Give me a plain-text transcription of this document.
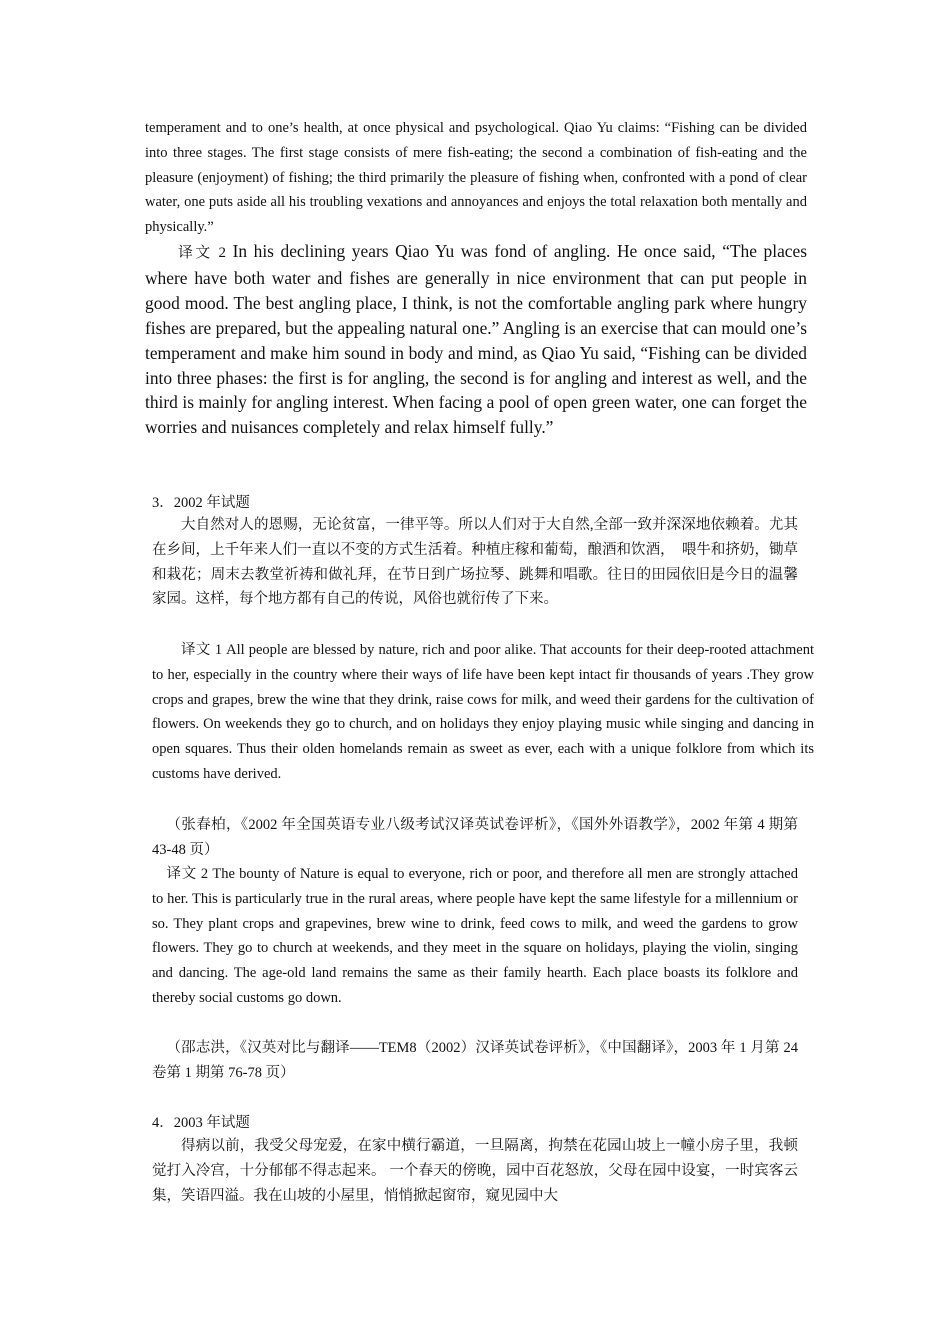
temperament and to one’s health, at once physical and psychological. Qiao Yu claims: “Fishing can be divided into three stages. The first stage consists of mere fish-eating; the second a combination of fish-eating and the pleasure (enjoyment) of fishing; the third primarily the pleasure of fishing when, confronted with a pond of clear water, one puts aside all his troubling vexations and annoyances and enjoys the total relaxation both mentally and physically.”

译文 2 In his declining years Qiao Yu was fond of angling. He once said, “The places where have both water and fishes are generally in nice environment that can put people in good mood. The best angling place, I think, is not the comfortable angling park where hungry fishes are prepared, but the appealing natural one.” Angling is an exercise that can mould one’s temperament and make him sound in body and mind, as Qiao Yu said, “Fishing can be divided into three phases: the first is for angling, the second is for angling and interest as well, and the third is mainly for angling interest. When facing a pool of open green water, one can forget the worries and nuisances completely and relax himself fully.”

3．2002 年试题

大自然对人的恩赐，无论贫富，一律平等。所以人们对于大自然,全部一致并深深地依赖着。尤其在乡间，上千年来人们一直以不变的方式生活着。种植庄稼和葡萄，酿酒和饮酒，　喂牛和挤奶，锄草和栽花；周末去教堂祈祷和做礼拜，在节日到广场拉琴、跳舞和唱歌。往日的田园依旧是今日的温馨家园。这样，每个地方都有自己的传说，风俗也就衍传了下来。

译文 1 All people are blessed by nature, rich and poor alike. That accounts for their deep-rooted attachment to her, especially in the country where their ways of life have been kept intact fir thousands of years .They grow crops and grapes, brew the wine that they drink, raise cows for milk, and weed their gardens for the cultivation of flowers. On weekends they go to church, and on holidays they enjoy playing music while singing and dancing in open squares. Thus their olden homelands remain as sweet as ever, each with a unique folklore from which its customs have derived.

（张春柏，《2002 年全国英语专业八级考试汉译英试卷评析》，《国外外语教学》，2002 年第 4 期第 43-48 页）

译文 2 The bounty of Nature is equal to everyone, rich or poor, and therefore all men are strongly attached to her. This is particularly true in the rural areas, where people have kept the same lifestyle for a millennium or so. They plant crops and grapevines, brew wine to drink, feed cows to milk, and weed the gardens to grow flowers. They go to church at weekends, and they meet in the square on holidays, playing the violin, singing and dancing. The age-old land remains the same as their family hearth. Each place boasts its folklore and thereby social customs go down.

（邵志洪，《汉英对比与翻译——TEM8（2002）汉译英试卷评析》，《中国翻译》，2003 年 1 月第 24 卷第 1 期第 76-78 页）

4．2003 年试题

得病以前，我受父母宠爱，在家中横行霸道，一旦隔离，拘禁在花园山坡上一幢小房子里，我顿觉打入冷宫，十分郁郁不得志起来。 一个春天的傍晚，园中百花怒放，父母在园中设宴，一时宾客云集，笑语四溢。我在山坡的小屋里，悄悄掀起窗帘，窥见园中大
